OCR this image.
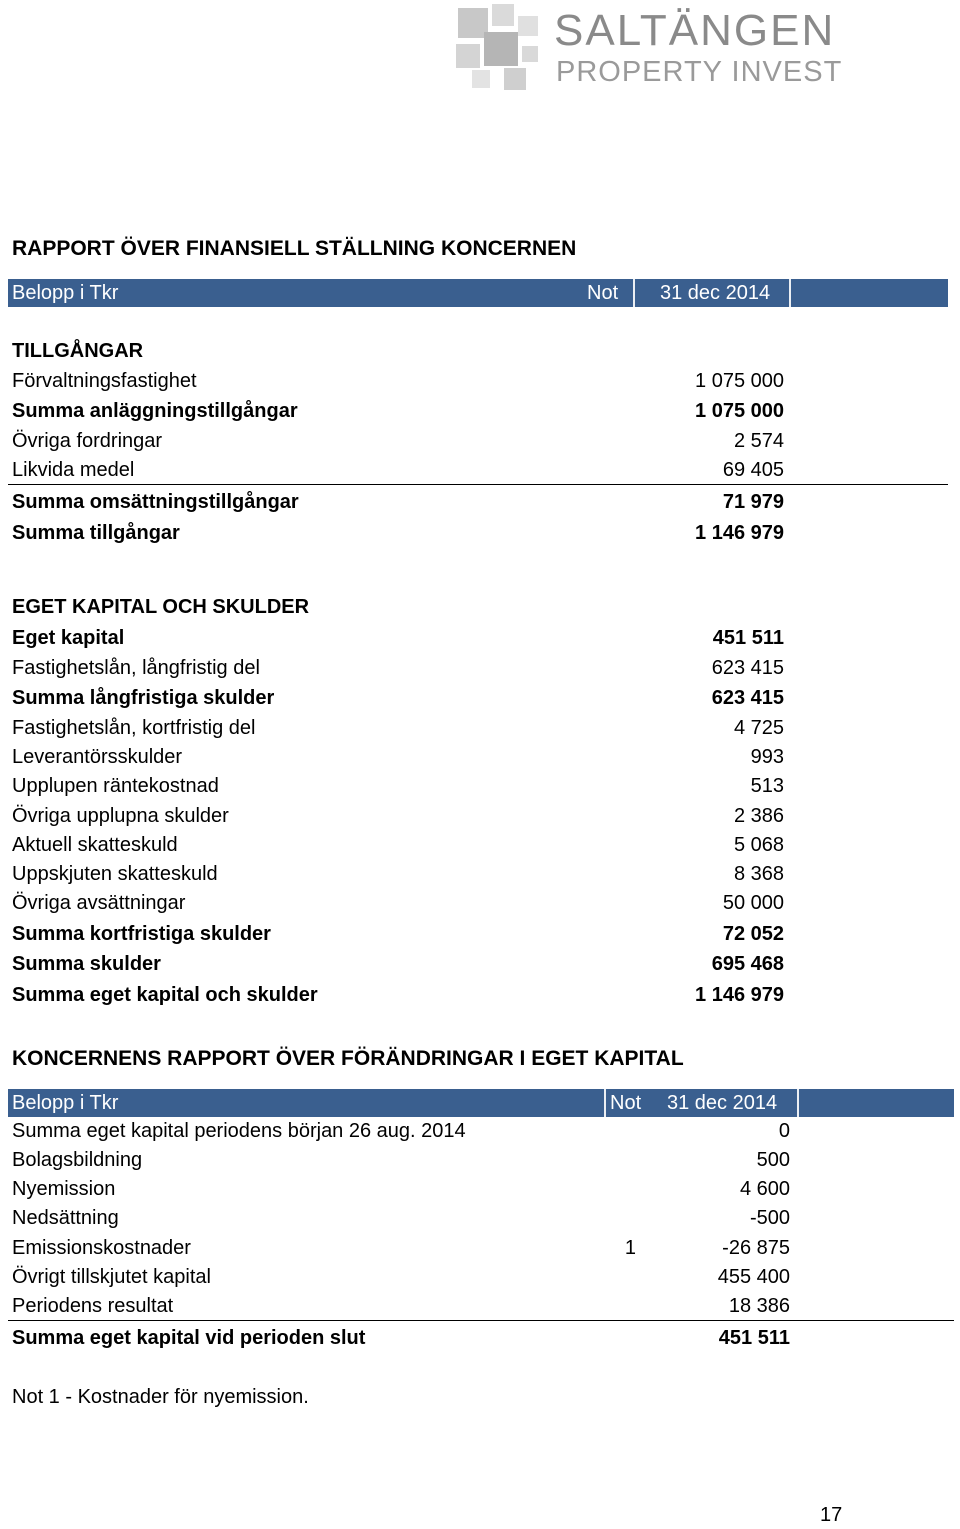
SALTÄNGEN
PROPERTY INVEST
RAPPORT ÖVER FINANSIELL STÄLLNING KONCERNEN
Belopp i Tkr	Not 31 dec 2014
TILLGÅNGAR
Förvaltningsfastighet	1 075 000
Summa anläggningstillgångar	1 075 000
Övriga fordringar	2 574
Likvida medel	69 405
Summa omsättningstillgångar	71 979
Summa tillgångar	1 146 979
EGET KAPITAL OCH SKULDER
Eget kapital	451 511
Fastighetslån, långfristig del	623 415
Summa långfristiga skulder	623 415
Fastighetslån, kortfristig del	4 725
Leverantörsskulder	993
Upplupen räntekostnad	513
Övriga upplupna skulder	2 386
Aktuell skatteskuld	5 068
Uppskjuten skatteskuld	8 368
Övriga avsättningar	50 000
Summa kortfristiga skulder	72 052
Summa skulder	695 468
Summa eget kapital och skulder	1 146 979
KONCERNENS RAPPORT ÖVER FÖRÄNDRINGAR I EGET KAPITAL
Belopp i Tkr	Not 31 dec 2014
Summa eget kapital periodens början 26 aug. 2014	0
Bolagsbildning	500
Nyemission	4 600
Nedsättning	-500
Emissionskostnader	1	-26 875
Övrigt tillskjutet kapital	455 400
Periodens resultat	18 386
Summa eget kapital vid perioden slut	451 511
Not 1 - Kostnader för nyemission.
17
